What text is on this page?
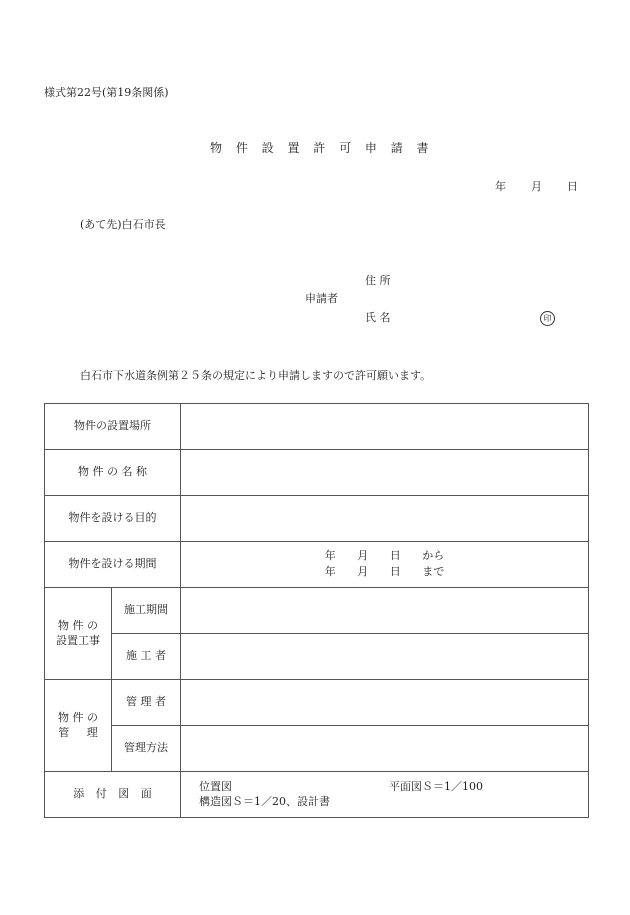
様式第22号(第19条関係)
物 件 設 置 許 可 申 請 書
年 月 日
(あて先)白石市長
住 所
申請者
氏 名	印
白石市下水道条例第２５条の規定により申請しますので許可願います。
物件の設置場所		
物 件 の 名 称		
物件を設ける目的		
物件を設ける期間		年 月 日 から
年 月 日 まで

物 件 の
設置工事	施工期間	
	施 工 者	

物 件 の
管 理	管 理 者	
	管理方法	
添 付 図 面		位置図 平面図Ｓ＝1／100
構造図Ｓ＝1／20、設計書
